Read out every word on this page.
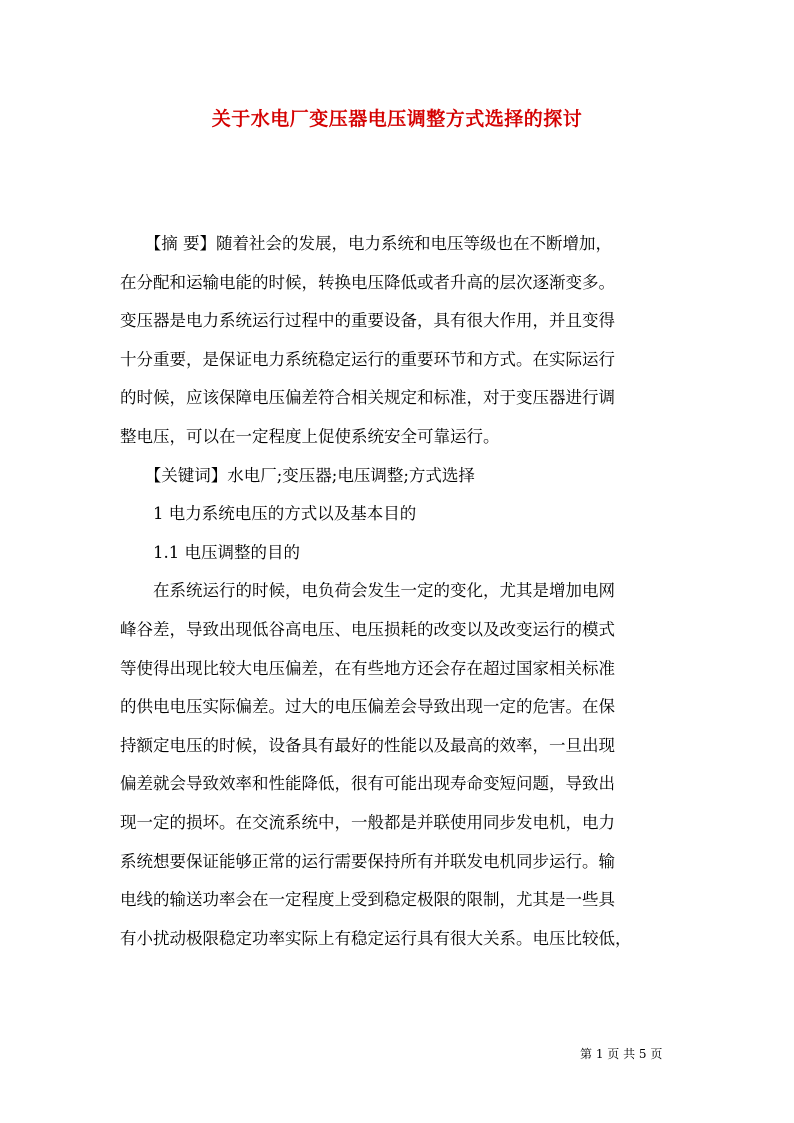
关于水电厂变压器电压调整方式选择的探讨
　　【摘 要】随着社会的发展，电力系统和电压等级也在不断增加，
在分配和运输电能的时候，转换电压降低或者升高的层次逐渐变多。
变压器是电力系统运行过程中的重要设备，具有很大作用，并且变得
十分重要，是保证电力系统稳定运行的重要环节和方式。在实际运行
的时候，应该保障电压偏差符合相关规定和标准，对于变压器进行调
整电压，可以在一定程度上促使系统安全可靠运行。
　　【关键词】水电厂;变压器;电压调整;方式选择
　　1 电力系统电压的方式以及基本目的
　　1.1 电压调整的目的
　　在系统运行的时候，电负荷会发生一定的变化，尤其是增加电网
峰谷差，导致出现低谷高电压、电压损耗的改变以及改变运行的模式
等使得出现比较大电压偏差，在有些地方还会存在超过国家相关标准
的供电电压实际偏差。过大的电压偏差会导致出现一定的危害。在保
持额定电压的时候，设备具有最好的性能以及最高的效率，一旦出现
偏差就会导致效率和性能降低，很有可能出现寿命变短问题，导致出
现一定的损坏。在交流系统中，一般都是并联使用同步发电机，电力
系统想要保证能够正常的运行需要保持所有并联发电机同步运行。输
电线的输送功率会在一定程度上受到稳定极限的限制，尤其是一些具
有小扰动极限稳定功率实际上有稳定运行具有很大关系。电压比较低，
第 1 页 共 5 页
